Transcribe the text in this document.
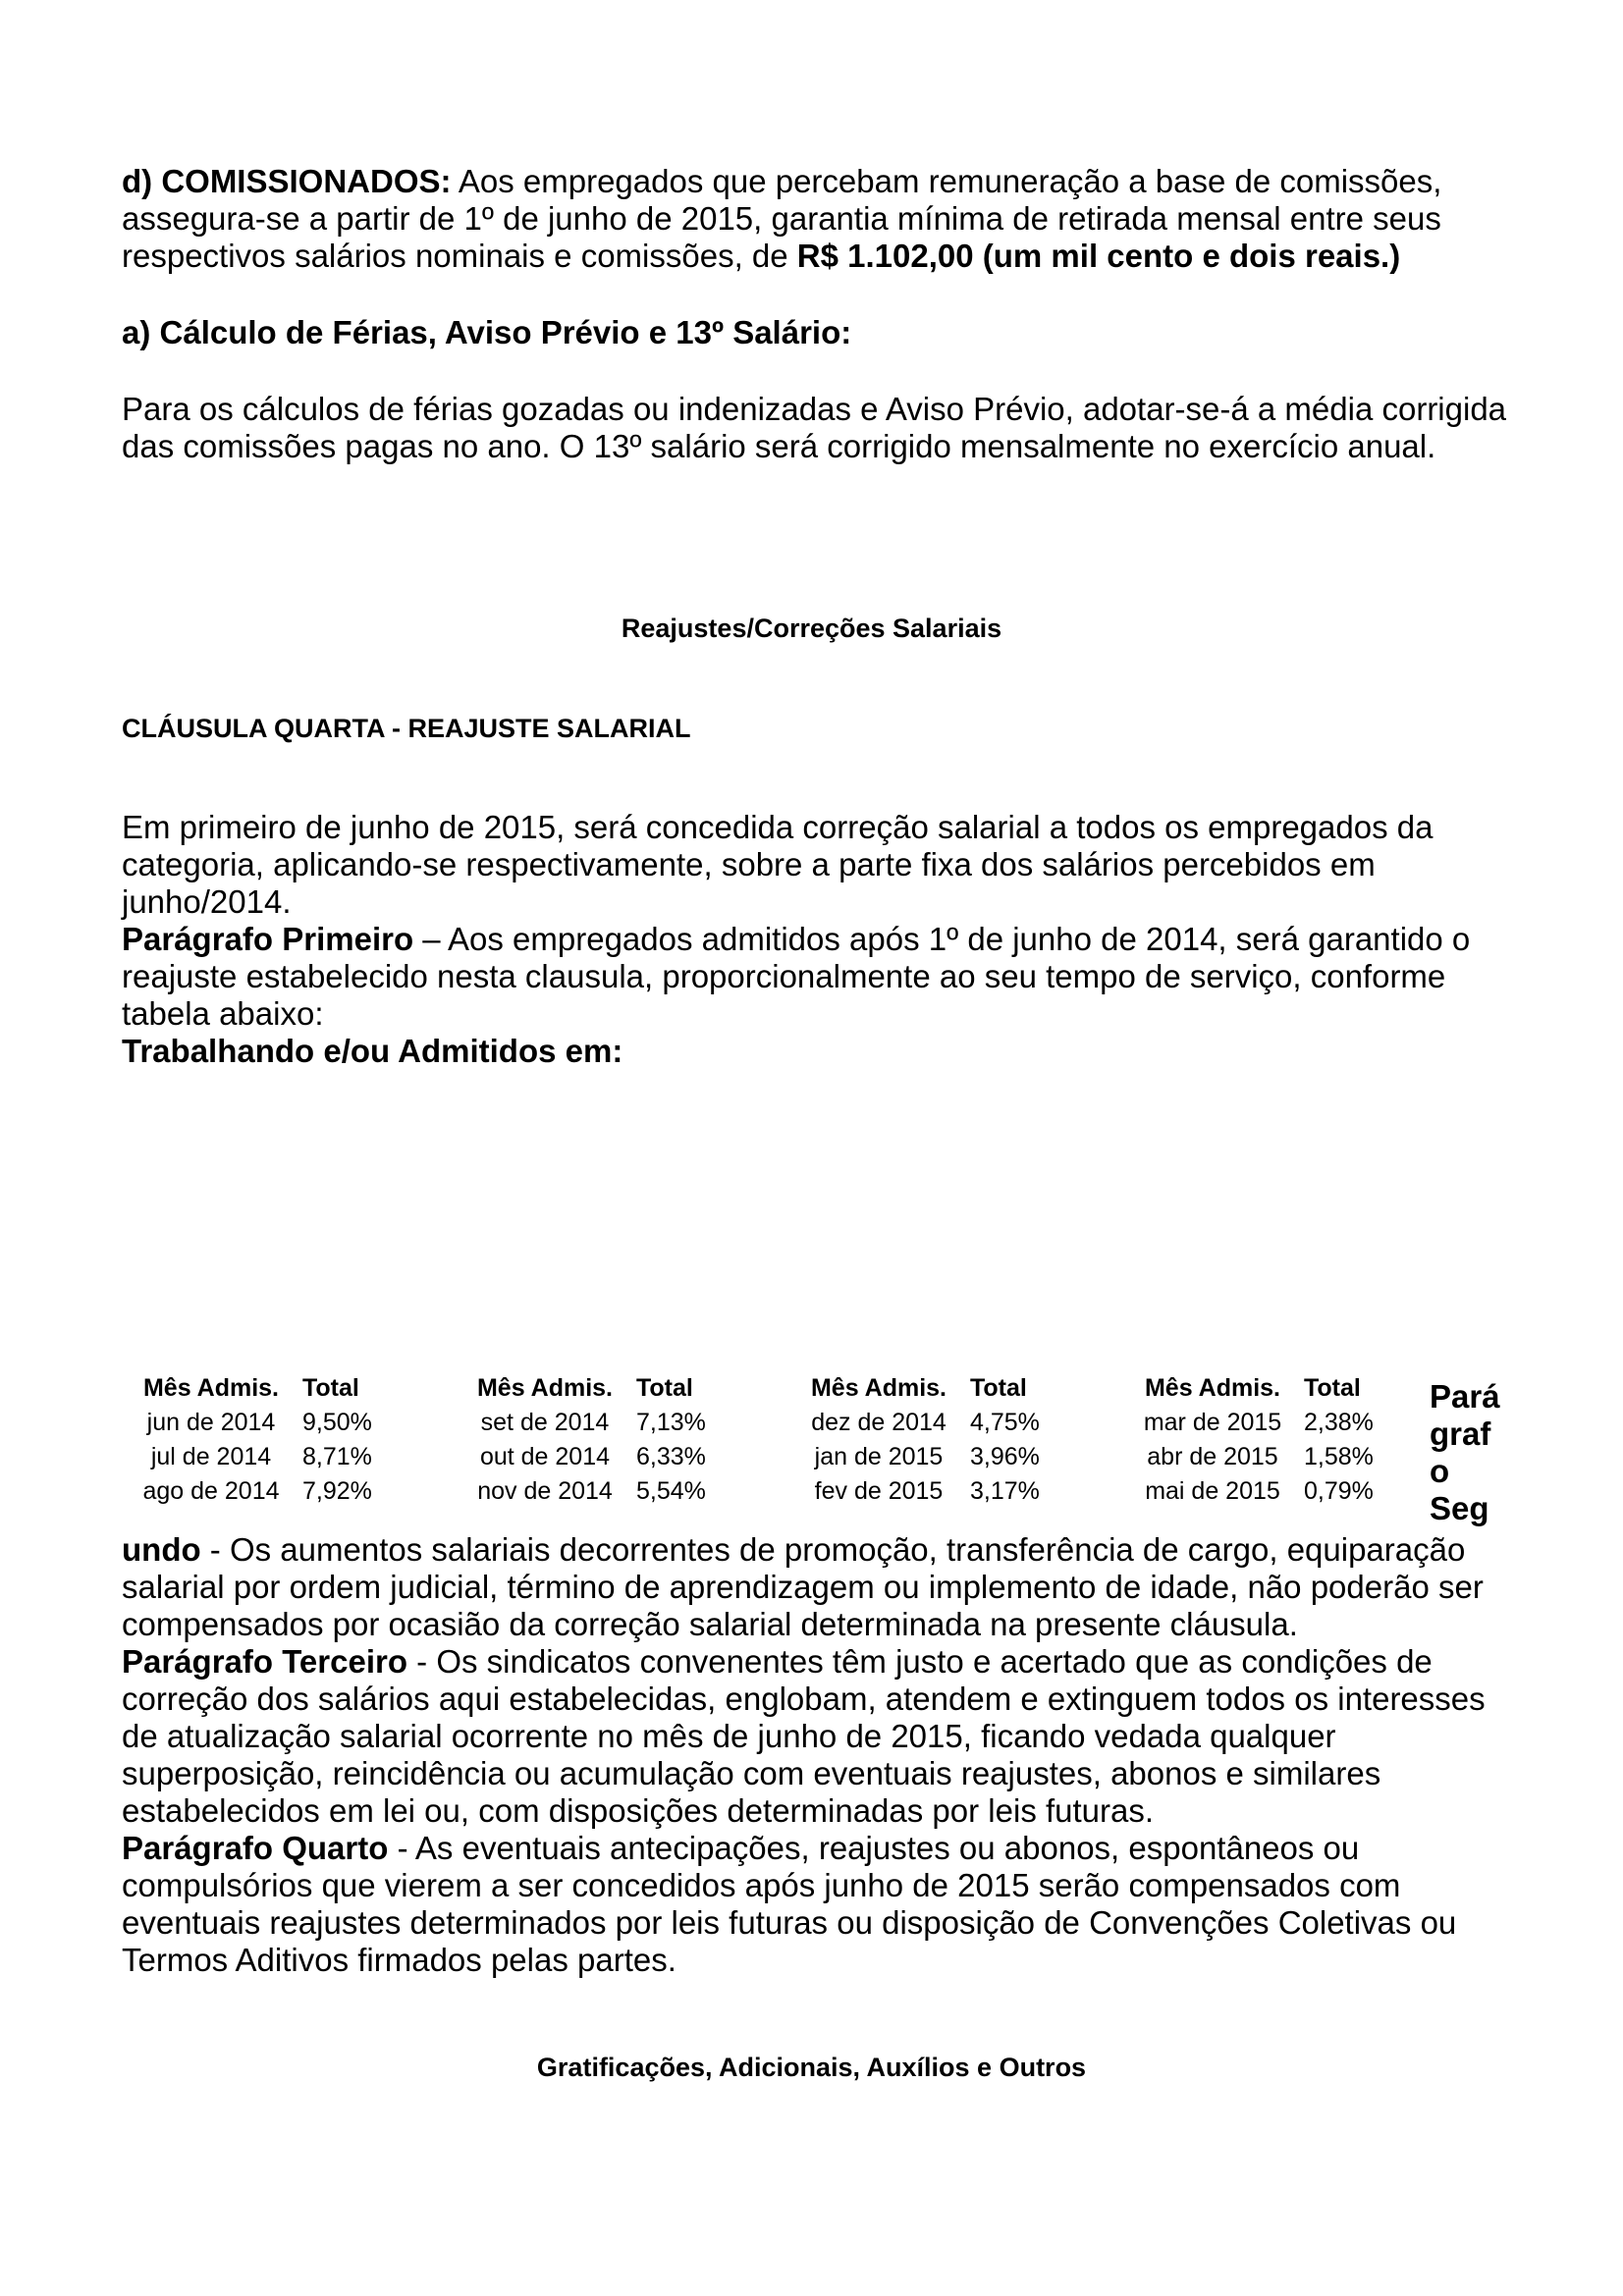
d) COMISSIONADOS: Aos empregados que percebam remuneração a base de comissões, assegura-se a partir de 1º de junho de 2015, garantia mínima de retirada mensal entre seus respectivos salários nominais e comissões, de R$ 1.102,00 (um mil cento e dois reais.)

a) Cálculo de Férias, Aviso Prévio e 13º Salário:

Para os cálculos de férias gozadas ou indenizadas e Aviso Prévio, adotar-se-á a média corrigida das comissões pagas no ano. O 13º salário será corrigido mensalmente no exercício anual.

Reajustes/Correções Salariais
CLÁUSULA QUARTA - REAJUSTE SALARIAL

Em primeiro de junho de 2015, será concedida correção salarial a todos os empregados da categoria, aplicando-se respectivamente, sobre a parte fixa dos salários percebidos em junho/2014.

Parágrafo Primeiro – Aos empregados admitidos após 1º de junho de 2014, será garantido o reajuste estabelecido nesta clausula, proporcionalmente ao seu tempo de serviço, conforme tabela abaixo:

Trabalhando e/ou Admitidos em:

Mês Admis.	Total	Mês Admis.	Total	Mês Admis.	Total	Mês Admis.	Total
jun de 2014	9,50%	set de 2014	7,13%	dez de 2014	4,75%	mar de 2015	2,38%
jul de 2014	8,71%	out de 2014	6,33%	jan de 2015	3,96%	abr de 2015	1,58%
ago de 2014	7,92%	nov de 2014	5,54%	fev de 2015	3,17%	mai de 2015	0,79%
Pará
graf
o
Seg

undo - Os aumentos salariais decorrentes de promoção, transferência de cargo, equiparação salarial por ordem judicial, término de aprendizagem ou implemento de idade, não poderão ser compensados por ocasião da correção salarial determinada na presente cláusula.

Parágrafo Terceiro - Os sindicatos convenentes têm justo e acertado que as condições de correção dos salários aqui estabelecidas, englobam, atendem e extinguem todos os interesses de atualização salarial ocorrente no mês de junho de 2015, ficando vedada qualquer superposição, reincidência ou acumulação com eventuais reajustes, abonos e similares estabelecidos em lei ou, com disposições determinadas por leis futuras.

Parágrafo Quarto - As eventuais antecipações, reajustes ou abonos, espontâneos ou compulsórios que vierem a ser concedidos após junho de 2015 serão compensados com eventuais reajustes determinados por leis futuras ou disposição de Convenções Coletivas ou Termos Aditivos firmados pelas partes.

Gratificações, Adicionais, Auxílios e Outros
